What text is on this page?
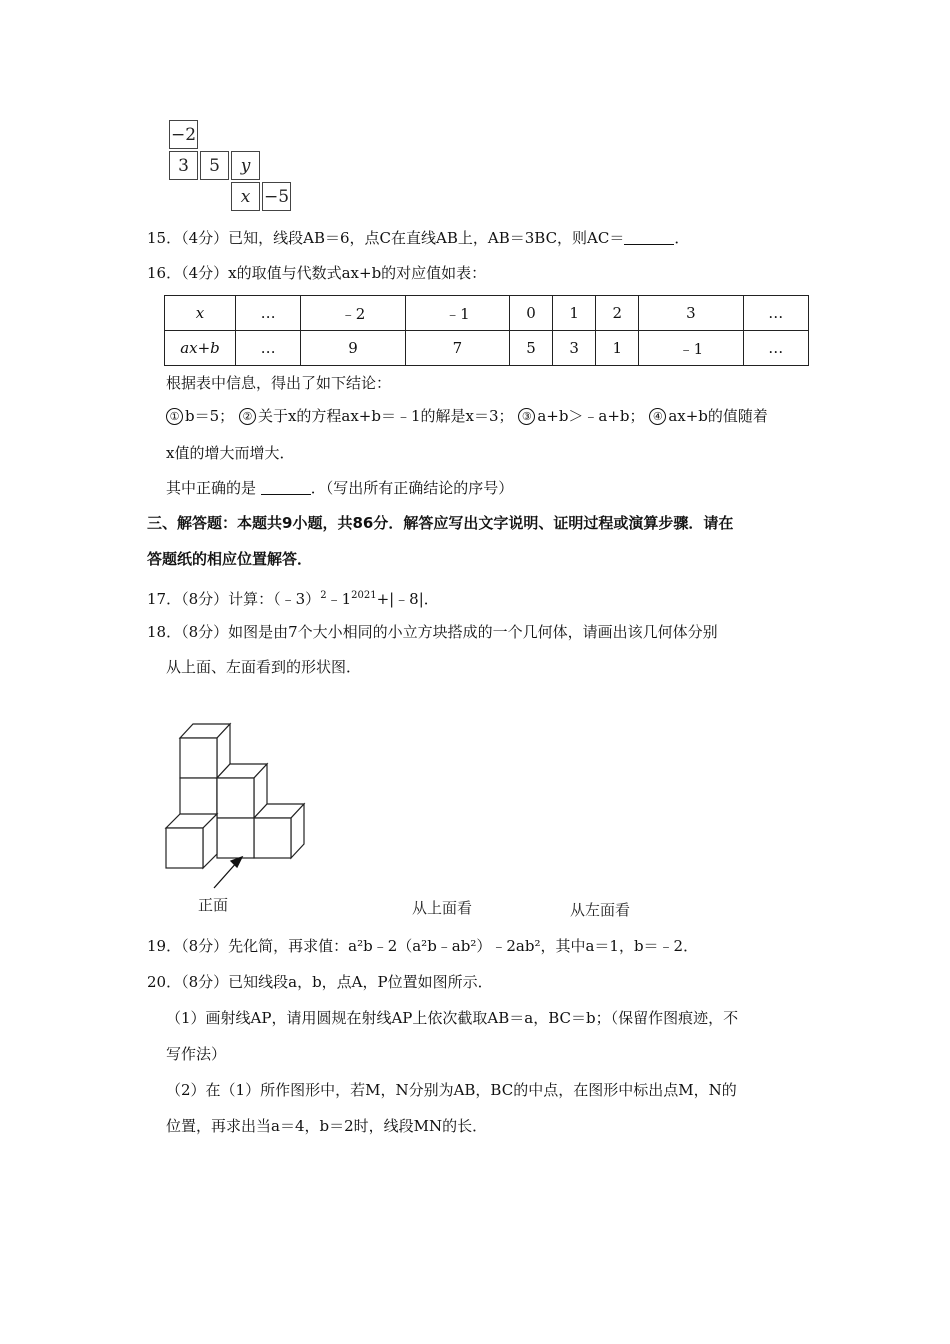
−2
3	5	y
x −5
15．（4分）已知，线段AB＝6，点C在直线AB上，AB＝3BC，则AC＝	．
16．（4分）x的取值与代数式ax+b的对应值如表：
x	…	﹣2	﹣1	0	1	2	3	…
ax+b	…	9	7	5	3	1	﹣1	…
根据表中信息，得出了如下结论：
① b＝5； ② 关于x的方程ax+b＝﹣1的解是x＝3； ③ a+b＞﹣a+b； ④ ax+b的值随着
x值的增大而增大．
其中正确的是	．（写出所有正确结论的序号）
三、解答题：本题共9小题，共86分．解答应写出文字说明、证明过程或演算步骤．请在
答题纸的相应位置解答．
17．（8分）计算：$(﹣3)^2﹣1^{2021}+|﹣8|$．
18．（8分）如图是由7个大小相同的小立方块搭成的一个几何体，请画出该几何体分别
从上面、左面看到的形状图．
正面	从上面看	从左面看
19．（8分）先化简，再求值：a²b﹣2（a²b﹣ab²）﹣2ab²，其中a＝1，b＝﹣2．
20．（8分）已知线段a，b，点A，P位置如图所示．
（1）画射线AP，请用圆规在射线AP上依次截取AB＝a，BC＝b；（保留作图痕迹，不
写作法）
（2）在（1）所作图形中，若M，N分别为AB，BC的中点，在图形中标出点M，N的
位置，再求出当a＝4，b＝2时，线段MN的长．
